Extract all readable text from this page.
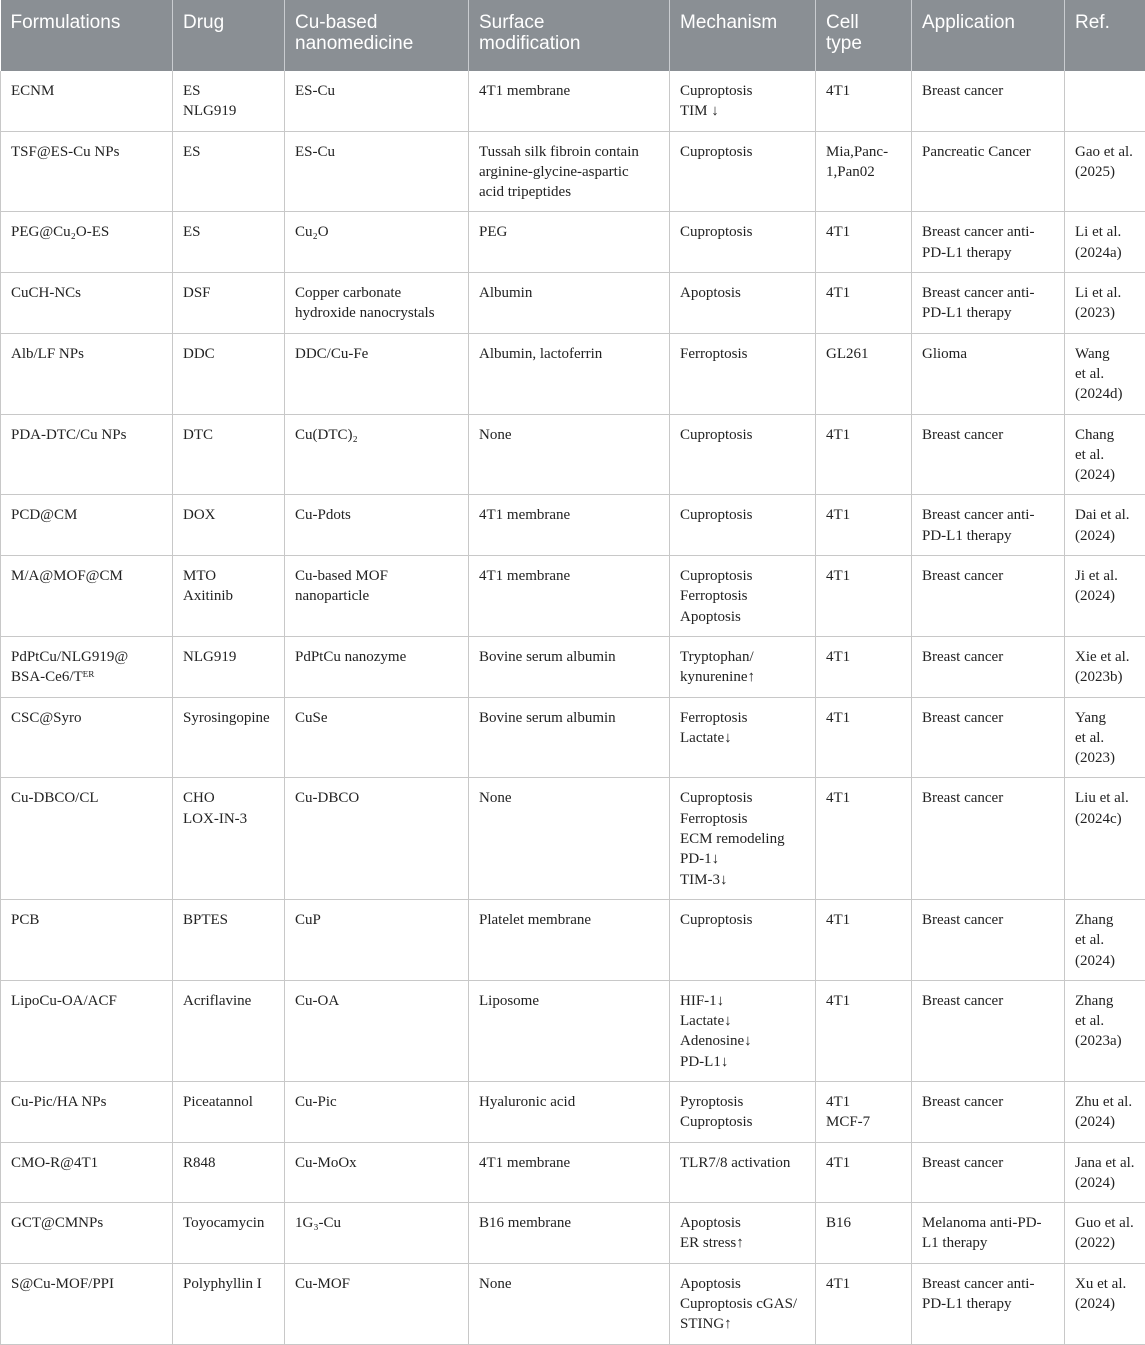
Formulations	Drug	Cu-based
nanomedicine	Surface
modification	Mechanism	Cell
type	Application	Ref.

ECNM	ES
NLG919	ES-Cu	4T1 membrane	Cuproptosis
TIM ↓	4T1	Breast cancer	

TSF@ES-Cu NPs	ES	ES-Cu	Tussah silk fibroin contain
arginine-glycine-aspartic
acid tripeptides	Cuproptosis	Mia,Panc-
1,Pan02	Pancreatic Cancer	Gao et al.
(2025)

PEG@Cu₂O-ES	ES	Cu₂O	PEG	Cuproptosis	4T1	Breast cancer anti-
PD-L1 therapy	Li et al.
(2024a)

CuCH-NCs	DSF	Copper carbonate
hydroxide nanocrystals	Albumin	Apoptosis	4T1	Breast cancer anti-
PD-L1 therapy	Li et al.
(2023)

Alb/LF NPs	DDC	DDC/Cu-Fe	Albumin, lactoferrin	Ferroptosis	GL261	Glioma	Wang
et al.
(2024d)

PDA-DTC/Cu NPs	DTC	Cu(DTC)₂	None	Cuproptosis	4T1	Breast cancer	Chang
et al.
(2024)

PCD@CM	DOX	Cu-Pdots	4T1 membrane	Cuproptosis	4T1	Breast cancer anti-
PD-L1 therapy	Dai et al.
(2024)

M/A@MOF@CM	MTO
Axitinib	Cu-based MOF
nanoparticle	4T1 membrane	Cuproptosis
Ferroptosis
Apoptosis	4T1	Breast cancer	Ji et al.
(2024)

PdPtCu/NLG919@
BSA-Ce6/Tᴱᴿ	NLG919	PdPtCu nanozyme	Bovine serum albumin	Tryptophan/
kynurenine↑	4T1	Breast cancer	Xie et al.
(2023b)

CSC@Syro	Syrosingopine	CuSe	Bovine serum albumin	Ferroptosis
Lactate↓	4T1	Breast cancer	Yang
et al.
(2023)

Cu-DBCO/CL	CHO
LOX-IN-3	Cu-DBCO	None	Cuproptosis
Ferroptosis
ECM remodeling
PD-1↓
TIM-3↓	4T1	Breast cancer	Liu et al.
(2024c)

PCB	BPTES	CuP	Platelet membrane	Cuproptosis	4T1	Breast cancer	Zhang
et al.
(2024)

LipoCu-OA/ACF	Acriflavine	Cu-OA	Liposome	HIF-1↓
Lactate↓
Adenosine↓
PD-L1↓	4T1	Breast cancer	Zhang
et al.
(2023a)

Cu-Pic/HA NPs	Piceatannol	Cu-Pic	Hyaluronic acid	Pyroptosis
Cuproptosis	4T1
MCF-7	Breast cancer	Zhu et al.
(2024)

CMO-R@4T1	R848	Cu-MoOx	4T1 membrane	TLR7/8 activation	4T1	Breast cancer	Jana et al.
(2024)

GCT@CMNPs	Toyocamycin	1G₃-Cu	B16 membrane	Apoptosis
ER stress↑	B16	Melanoma anti-PD-
L1 therapy	Guo et al.
(2022)

S@Cu-MOF/PPI	Polyphyllin I	Cu-MOF	None	Apoptosis
Cuproptosis cGAS/
STING↑	4T1	Breast cancer anti-
PD-L1 therapy	Xu et al.
(2024)
